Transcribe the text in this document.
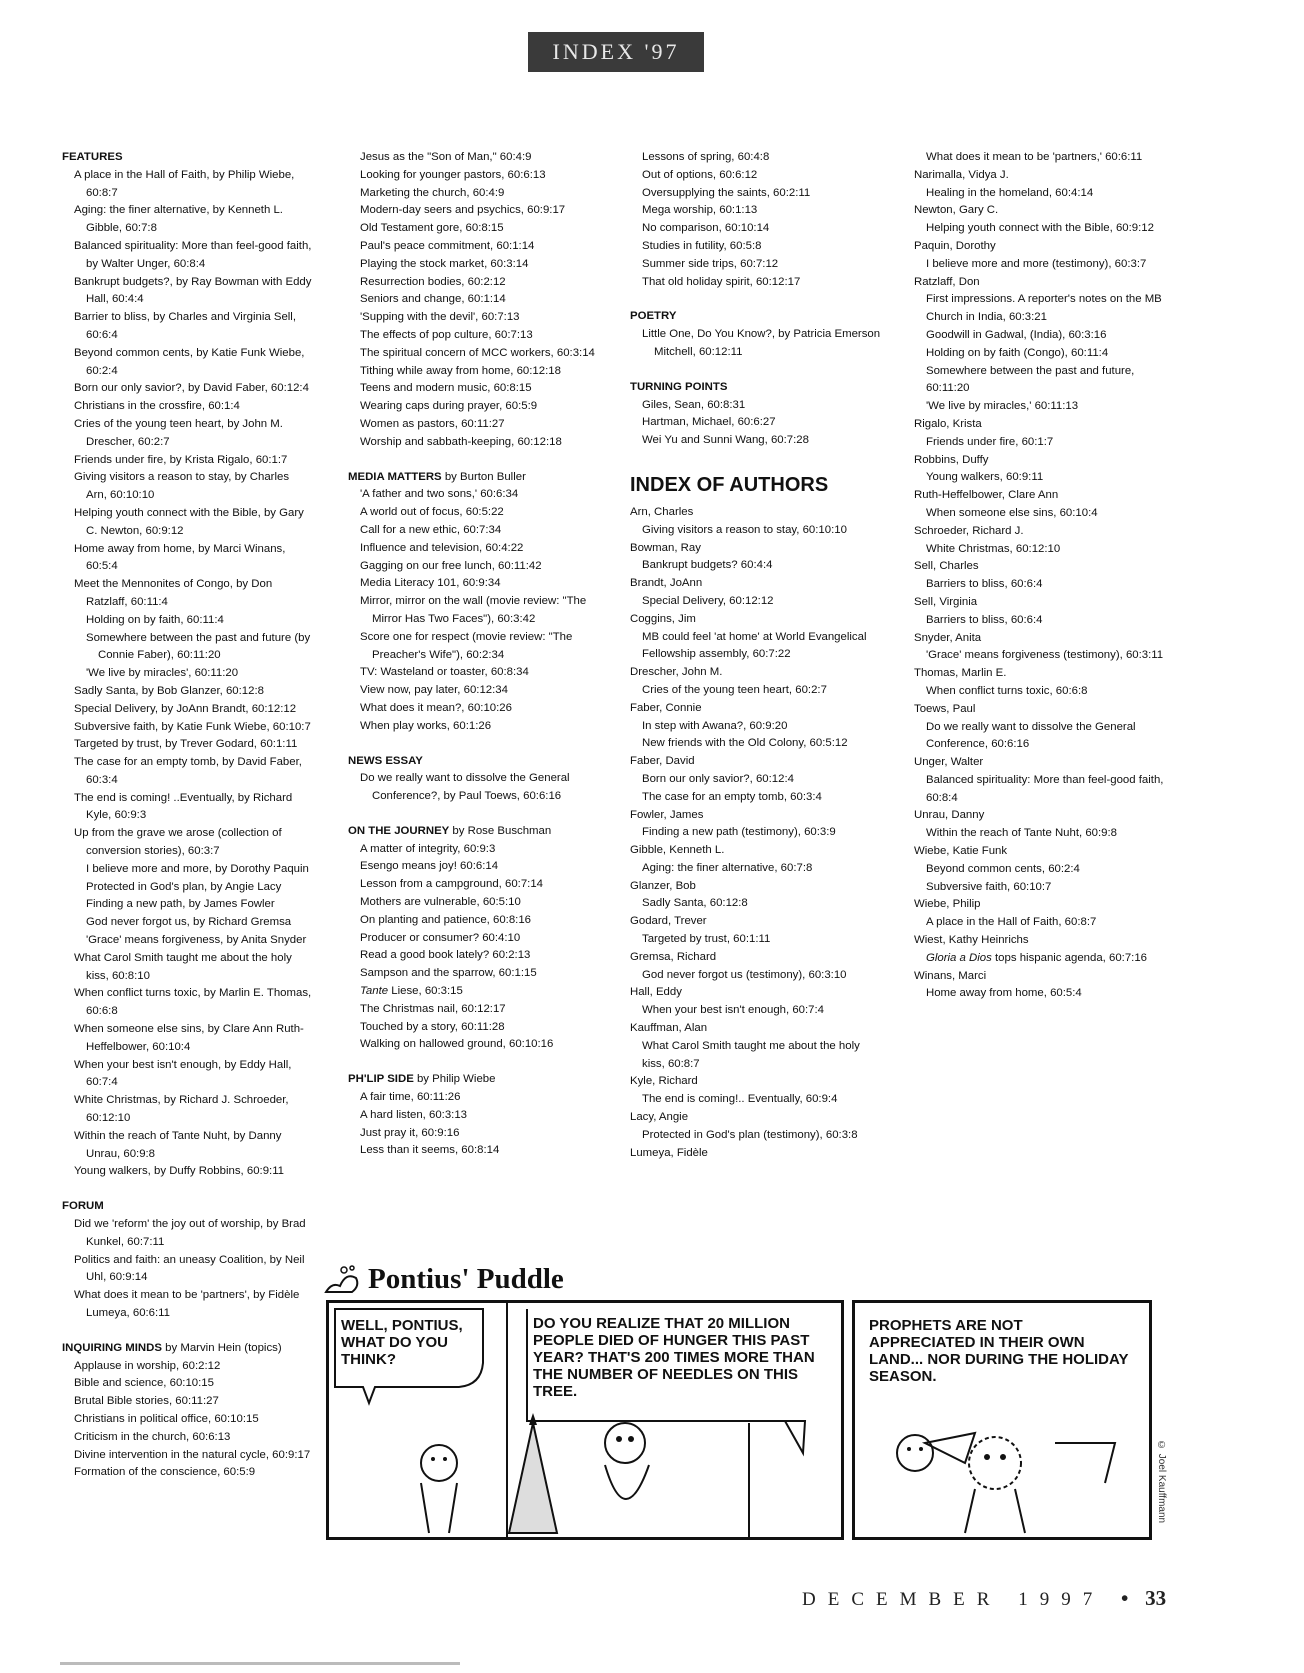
INDEX '97
FEATURES
A place in the Hall of Faith, by Philip Wiebe, 60:8:7
Aging: the finer alternative, by Kenneth L. Gibble, 60:7:8
Balanced spirituality: More than feel-good faith, by Walter Unger, 60:8:4
Bankrupt budgets?, by Ray Bowman with Eddy Hall, 60:4:4
Barrier to bliss, by Charles and Virginia Sell, 60:6:4
Beyond common cents, by Katie Funk Wiebe, 60:2:4
Born our only savior?, by David Faber, 60:12:4
Christians in the crossfire, 60:1:4
Cries of the young teen heart, by John M. Drescher, 60:2:7
Friends under fire, by Krista Rigalo, 60:1:7
Giving visitors a reason to stay, by Charles Arn, 60:10:10
Helping youth connect with the Bible, by Gary C. Newton, 60:9:12
Home away from home, by Marci Winans, 60:5:4
Meet the Mennonites of Congo, by Don Ratzlaff, 60:11:4
Holding on by faith, 60:11:4
Somewhere between the past and future (by Connie Faber), 60:11:20
'We live by miracles', 60:11:20
Sadly Santa, by Bob Glanzer, 60:12:8
Special Delivery, by JoAnn Brandt, 60:12:12
Subversive faith, by Katie Funk Wiebe, 60:10:7
Targeted by trust, by Trever Godard, 60:1:11
The case for an empty tomb, by David Faber, 60:3:4
The end is coming! ..Eventually, by Richard Kyle, 60:9:3
Up from the grave we arose (collection of conversion stories), 60:3:7
I believe more and more, by Dorothy Paquin
Protected in God's plan, by Angie Lacy
Finding a new path, by James Fowler
God never forgot us, by Richard Gremsa
'Grace' means forgiveness, by Anita Snyder
What Carol Smith taught me about the holy kiss, 60:8:10
When conflict turns toxic, by Marlin E. Thomas, 60:6:8
When someone else sins, by Clare Ann Ruth-Heffelbower, 60:10:4
When your best isn't enough, by Eddy Hall, 60:7:4
White Christmas, by Richard J. Schroeder, 60:12:10
Within the reach of Tante Nuht, by Danny Unrau, 60:9:8
Young walkers, by Duffy Robbins, 60:9:11
FORUM
Did we 'reform' the joy out of worship, by Brad Kunkel, 60:7:11
Politics and faith: an uneasy Coalition, by Neil Uhl, 60:9:14
What does it mean to be 'partners', by Fidèle Lumeya, 60:6:11
INQUIRING MINDS by Marvin Hein (topics)
Applause in worship, 60:2:12
Bible and science, 60:10:15
Brutal Bible stories, 60:11:27
Christians in political office, 60:10:15
Criticism in the church, 60:6:13
Divine intervention in the natural cycle, 60:9:17
Formation of the conscience, 60:5:9
Jesus as the "Son of Man," 60:4:9
Looking for younger pastors, 60:6:13
Marketing the church, 60:4:9
Modern-day seers and psychics, 60:9:17
Old Testament gore, 60:8:15
Paul's peace commitment, 60:1:14
Playing the stock market, 60:3:14
Resurrection bodies, 60:2:12
Seniors and change, 60:1:14
'Supping with the devil', 60:7:13
The effects of pop culture, 60:7:13
The spiritual concern of MCC workers, 60:3:14
Tithing while away from home, 60:12:18
Teens and modern music, 60:8:15
Wearing caps during prayer, 60:5:9
Women as pastors, 60:11:27
Worship and sabbath-keeping, 60:12:18
MEDIA MATTERS by Burton Buller
'A father and two sons,' 60:6:34
A world out of focus, 60:5:22
Call for a new ethic, 60:7:34
Influence and television, 60:4:22
Gagging on our free lunch, 60:11:42
Media Literacy 101, 60:9:34
Mirror, mirror on the wall (movie review: "The Mirror Has Two Faces"), 60:3:42
Score one for respect (movie review: "The Preacher's Wife"), 60:2:34
TV: Wasteland or toaster, 60:8:34
View now, pay later, 60:12:34
What does it mean?, 60:10:26
When play works, 60:1:26
NEWS ESSAY
Do we really want to dissolve the General Conference?, by Paul Toews, 60:6:16
ON THE JOURNEY by Rose Buschman
A matter of integrity, 60:9:3
Esengo means joy! 60:6:14
Lesson from a campground, 60:7:14
Mothers are vulnerable, 60:5:10
On planting and patience, 60:8:16
Producer or consumer? 60:4:10
Read a good book lately? 60:2:13
Sampson and the sparrow, 60:1:15
Tante Liese, 60:3:15
The Christmas nail, 60:12:17
Touched by a story, 60:11:28
Walking on hallowed ground, 60:10:16
PH'LIP SIDE by Philip Wiebe
A fair time, 60:11:26
A hard listen, 60:3:13
Just pray it, 60:9:16
Less than it seems, 60:8:14
Lessons of spring, 60:4:8
Out of options, 60:6:12
Oversupplying the saints, 60:2:11
Mega worship, 60:1:13
No comparison, 60:10:14
Studies in futility, 60:5:8
Summer side trips, 60:7:12
That old holiday spirit, 60:12:17
POETRY
Little One, Do You Know?, by Patricia Emerson Mitchell, 60:12:11
TURNING POINTS
Giles, Sean, 60:8:31
Hartman, Michael, 60:6:27
Wei Yu and Sunni Wang, 60:7:28
INDEX OF AUTHORS
Arn, Charles
Giving visitors a reason to stay, 60:10:10
Bowman, Ray
Bankrupt budgets? 60:4:4
Brandt, JoAnn
Special Delivery, 60:12:12
Coggins, Jim
MB could feel 'at home' at World Evangelical Fellowship assembly, 60:7:22
Drescher, John M.
Cries of the young teen heart, 60:2:7
Faber, Connie
In step with Awana?, 60:9:20
New friends with the Old Colony, 60:5:12
Faber, David
Born our only savior?, 60:12:4
The case for an empty tomb, 60:3:4
Fowler, James
Finding a new path (testimony), 60:3:9
Gibble, Kenneth L.
Aging: the finer alternative, 60:7:8
Glanzer, Bob
Sadly Santa, 60:12:8
Godard, Trever
Targeted by trust, 60:1:11
Gremsa, Richard
God never forgot us (testimony), 60:3:10
Hall, Eddy
When your best isn't enough, 60:7:4
Kauffman, Alan
What Carol Smith taught me about the holy kiss, 60:8:7
Kyle, Richard
The end is coming!.. Eventually, 60:9:4
Lacy, Angie
Protected in God's plan (testimony), 60:3:8
Lumeya, Fidèle
What does it mean to be 'partners,' 60:6:11
Narimalla, Vidya J.
Healing in the homeland, 60:4:14
Newton, Gary C.
Helping youth connect with the Bible, 60:9:12
Paquin, Dorothy
I believe more and more (testimony), 60:3:7
Ratzlaff, Don
First impressions. A reporter's notes on the MB Church in India, 60:3:21
Goodwill in Gadwal, (India), 60:3:16
Holding on by faith (Congo), 60:11:4
Somewhere between the past and future, 60:11:20
'We live by miracles,' 60:11:13
Rigalo, Krista
Friends under fire, 60:1:7
Robbins, Duffy
Young walkers, 60:9:11
Ruth-Heffelbower, Clare Ann
When someone else sins, 60:10:4
Schroeder, Richard J.
White Christmas, 60:12:10
Sell, Charles
Barriers to bliss, 60:6:4
Sell, Virginia
Barriers to bliss, 60:6:4
Snyder, Anita
'Grace' means forgiveness (testimony), 60:3:11
Thomas, Marlin E.
When conflict turns toxic, 60:6:8
Toews, Paul
Do we really want to dissolve the General Conference, 60:6:16
Unger, Walter
Balanced spirituality: More than feel-good faith, 60:8:4
Unrau, Danny
Within the reach of Tante Nuht, 60:9:8
Wiebe, Katie Funk
Beyond common cents, 60:2:4
Subversive faith, 60:10:7
Wiebe, Philip
A place in the Hall of Faith, 60:8:7
Wiest, Kathy Heinrichs
Gloria a Dios tops hispanic agenda, 60:7:16
Winans, Marci
Home away from home, 60:5:4
Pontius' Puddle
WELL, PONTIUS, WHAT DO YOU THINK?
DO YOU REALIZE THAT 20 MILLION PEOPLE DIED OF HUNGER THIS PAST YEAR? THAT'S 200 TIMES MORE THAN THE NUMBER OF NEEDLES ON THIS TREE.
PROPHETS ARE NOT APPRECIATED IN THEIR OWN LAND... NOR DURING THE HOLIDAY SEASON.
© Joel Kauffmann
DECEMBER 1997 • 33
